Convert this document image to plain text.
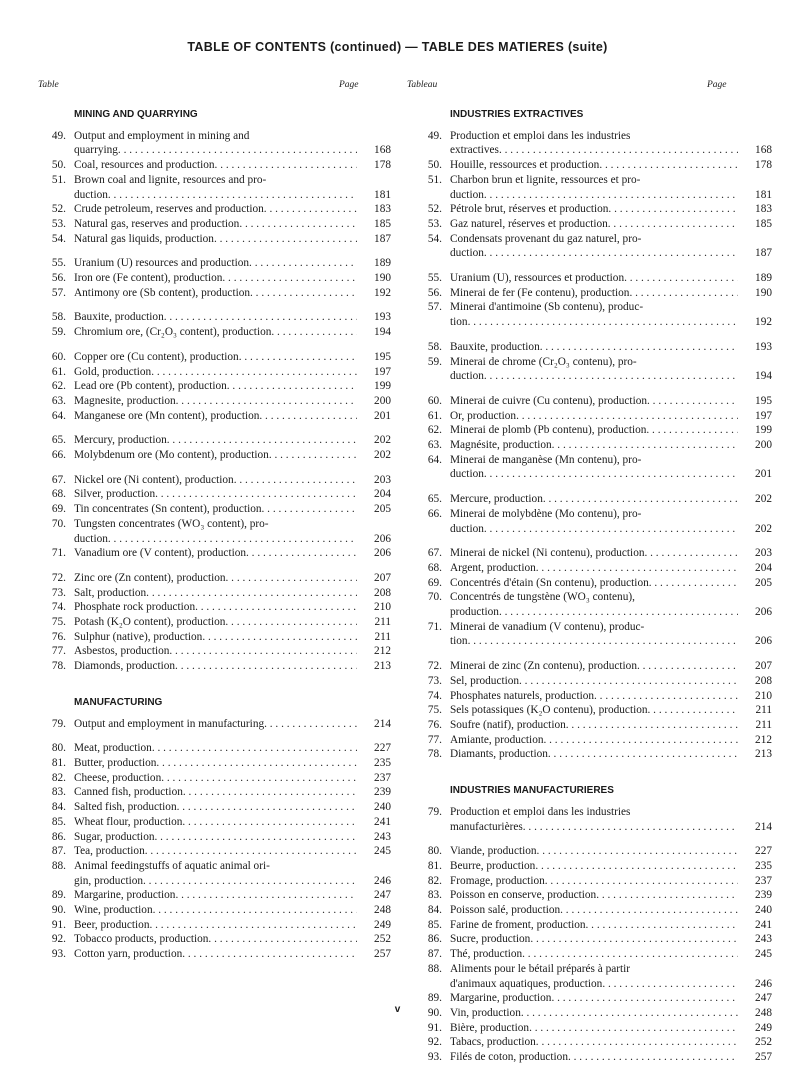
TABLE OF CONTENTS (continued) — TABLE DES MATIERES (suite)
Table	Page	Tableau	Page
MINING AND QUARRYING
49. Output and employment in mining and
quarrying . . .	168
50. Coal, resources and production . . .	178
51. Brown coal and lignite, resources and pro-
duction . . .	181
52. Crude petroleum, reserves and production . . .	183
53. Natural gas, reserves and production . . .	185
54. Natural gas liquids, production . . .	187
55. Uranium (U) resources and production . . .	189
56. Iron ore (Fe content), production . . .	190
57. Antimony ore (Sb content), production . . .	192
58. Bauxite, production . . .	193
59. Chromium ore, (Cr₂O₃ content), production . . .	194
60. Copper ore (Cu content), production . . .	195
61. Gold, production . . .	197
62. Lead ore (Pb content), production . . .	199
63. Magnesite, production . . .	200
64. Manganese ore (Mn content), production . . .	201
65. Mercury, production . . .	202
66. Molybdenum ore (Mo content), production . . .	202
67. Nickel ore (Ni content), production . . .	203
68. Silver, production . . .	204
69. Tin concentrates (Sn content), production . . .	205
70. Tungsten concentrates (WO₃ content), pro-
duction . . .	206
71. Vanadium ore (V content), production . . .	206
72. Zinc ore (Zn content), production . . .	207
73. Salt, production . . .	208
74. Phosphate rock production . . .	210
75. Potash (K₂O content), production . . .	211
76. Sulphur (native), production . . .	211
77. Asbestos, production . . .	212
78. Diamonds, production . . .	213
MANUFACTURING
79. Output and employment in manufacturing . . .	214
80. Meat, production . . .	227
81. Butter, production . . .	235
82. Cheese, production . . .	237
83. Canned fish, production . . .	239
84. Salted fish, production . . .	240
85. Wheat flour, production . . .	241
86. Sugar, production . . .	243
87. Tea, production . . .	245
88. Animal feedingstuffs of aquatic animal ori-
gin, production . . .	246
89. Margarine, production . . .	247
90. Wine, production . . .	248
91. Beer, production . . .	249
92. Tobacco products, production . . .	252
93. Cotton yarn, production . . .	257
INDUSTRIES EXTRACTIVES
49. Production et emploi dans les industries
extractives . . .	168
50. Houille, ressources et production . . .	178
51. Charbon brun et lignite, ressources et pro-
duction . . .	181
52. Pétrole brut, réserves et production . . .	183
53. Gaz naturel, réserves et production . . .	185
54. Condensats provenant du gaz naturel, pro-
duction . . .	187
55. Uranium (U), ressources et production . . .	189
56. Minerai de fer (Fe contenu), production . . .	190
57. Minerai d'antimoine (Sb contenu), produc-
tion . . .	192
58. Bauxite, production . . .	193
59. Minerai de chrome (Cr₂O₃ contenu), pro-
duction . . .	194
60. Minerai de cuivre (Cu contenu), production . . .	195
61. Or, production . . .	197
62. Minerai de plomb (Pb contenu), production . . .	199
63. Magnésite, production . . .	200
64. Minerai de manganèse (Mn contenu), pro-
duction . . .	201
65. Mercure, production . . .	202
66. Minerai de molybdène (Mo contenu), pro-
duction . . .	202
67. Minerai de nickel (Ni contenu), production . . .	203
68. Argent, production . . .	204
69. Concentrés d'étain (Sn contenu), production . . .	205
70. Concentrés de tungstène (WO₃ contenu),
production . . .	206
71. Minerai de vanadium (V contenu), produc-
tion . . .	206
72. Minerai de zinc (Zn contenu), production . . .	207
73. Sel, production . . .	208
74. Phosphates naturels, production . . .	210
75. Sels potassiques (K₂O contenu), production . . .	211
76. Soufre (natif), production . . .	211
77. Amiante, production . . .	212
78. Diamants, production . . .	213
INDUSTRIES MANUFACTURIERES
79. Production et emploi dans les industries
manufacturières . . .	214
80. Viande, production . . .	227
81. Beurre, production . . .	235
82. Fromage, production . . .	237
83. Poisson en conserve, production . . .	239
84. Poisson salé, production . . .	240
85. Farine de froment, production . . .	241
86. Sucre, production . . .	243
87. Thé, production . . .	245
88. Aliments pour le bétail préparés à partir
d'animaux aquatiques, production . . .	246
89. Margarine, production . . .	247
90. Vin, production . . .	248
91. Bière, production . . .	249
92. Tabacs, production . . .	252
93. Filés de coton, production . . .	257
v
